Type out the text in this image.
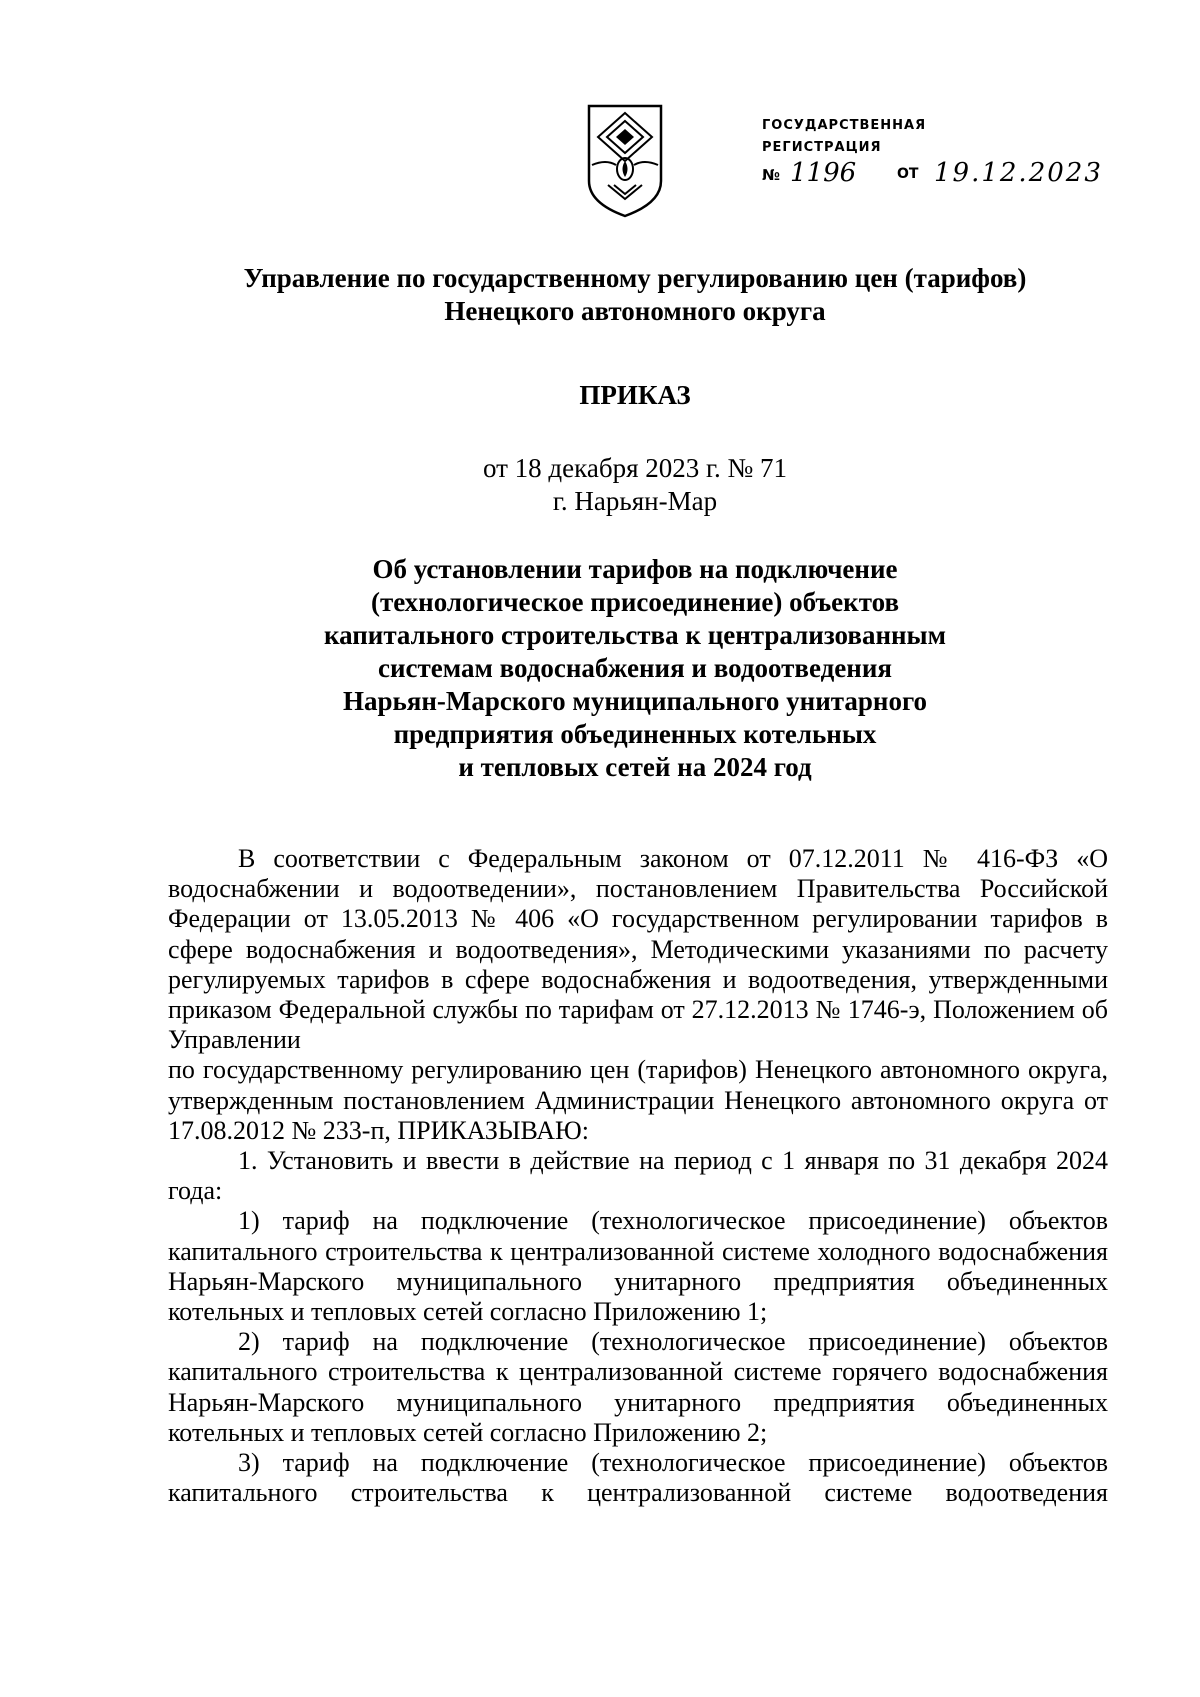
ГОСУДАРСТВЕННАЯ
РЕГИСТРАЦИЯ
№ 1196	ОТ 19.12.2023
Управление по государственному регулированию цен (тарифов)
Ненецкого автономного округа
ПРИКАЗ
от 18 декабря 2023 г. № 71
г. Нарьян-Мар
Об установлении тарифов на подключение
(технологическое присоединение) объектов
капитального строительства к централизованным
системам водоснабжения и водоотведения
Нарьян-Марского муниципального унитарного
предприятия объединенных котельных
и тепловых сетей на 2024 год

В соответствии с Федеральным законом от 07.12.2011 № 416-ФЗ «О водоснабжении и водоотведении», постановлением Правительства Российской Федерации от 13.05.2013 № 406 «О государственном регулировании тарифов в сфере водоснабжения и водоотведения», Методическими указаниями по расчету регулируемых тарифов в сфере водоснабжения и водоотведения, утвержденными приказом Федеральной службы по тарифам от 27.12.2013 № 1746-э, Положением об Управлении

по государственному регулированию цен (тарифов) Ненецкого автономного округа, утвержденным постановлением Администрации Ненецкого автономного округа от 17.08.2012 № 233-п, ПРИКАЗЫВАЮ:

1. Установить и ввести в действие на период с 1 января по 31 декабря 2024 года:

1) тариф на подключение (технологическое присоединение) объектов капитального строительства к централизованной системе холодного водоснабжения Нарьян-Марского муниципального унитарного предприятия объединенных котельных и тепловых сетей согласно Приложению 1;

2) тариф на подключение (технологическое присоединение) объектов капитального строительства к централизованной системе горячего водоснабжения Нарьян-Марского муниципального унитарного предприятия объединенных котельных и тепловых сетей согласно Приложению 2;

3) тариф на подключение (технологическое присоединение) объектов капитального строительства к централизованной системе водоотведения
